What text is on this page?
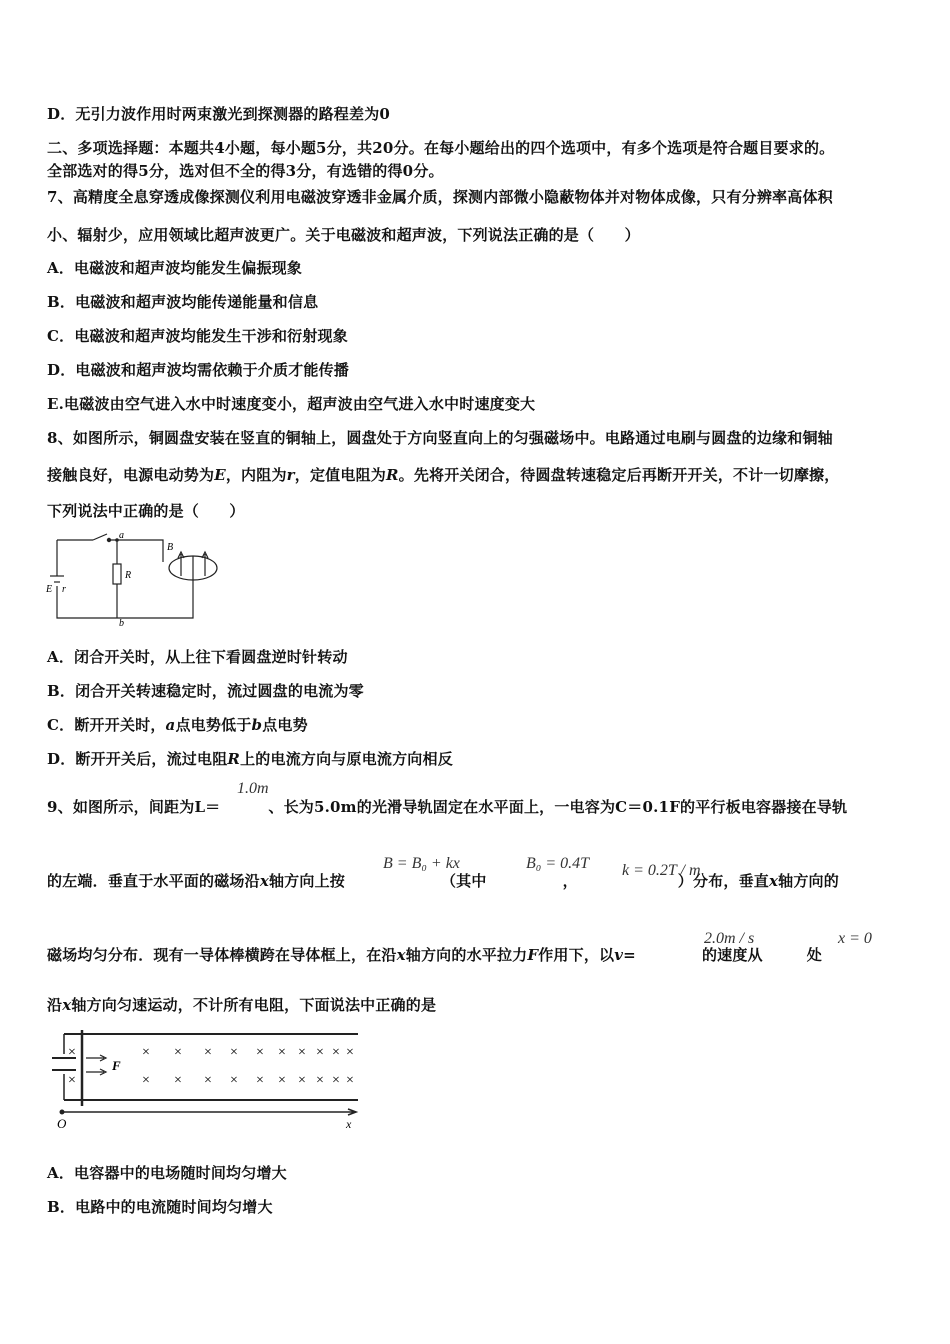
D．无引力波作用时两束激光到探测器的路程差为0
二、多项选择题：本题共4小题，每小题5分，共20分。在每小题给出的四个选项中，有多个选项是符合题目要求的。
全部选对的得5分，选对但不全的得3分，有选错的得0分。
7、高精度全息穿透成像探测仪利用电磁波穿透非金属介质，探测内部微小隐蔽物体并对物体成像，只有分辨率高体积
小、辐射少，应用领域比超声波更广。关于电磁波和超声波，下列说法正确的是（　　）
A．电磁波和超声波均能发生偏振现象
B．电磁波和超声波均能传递能量和信息
C．电磁波和超声波均能发生干涉和衍射现象
D．电磁波和超声波均需依赖于介质才能传播
E.电磁波由空气进入水中时速度变小，超声波由空气进入水中时速度变大
8、如图所示，铜圆盘安装在竖直的铜轴上，圆盘处于方向竖直向上的匀强磁场中。电路通过电刷与圆盘的边缘和铜轴
接触良好，电源电动势为E，内阻为r，定值电阻为R。先将开关闭合，待圆盘转速稳定后再断开开关，不计一切摩擦，
下列说法中正确的是（　　）
a
b
R
E r
B
A．闭合开关时，从上往下看圆盘逆时针转动
B．闭合开关转速稳定时，流过圆盘的电流为零
C．断开开关时，a点电势低于b点电势
D．断开开关后，流过电阻R上的电流方向与原电流方向相反
9、如图所示，间距为L＝	、长为5.0m的光滑导轨固定在水平面上，一电容为C＝0.1F的平行板电容器接在导轨
1.0m
的左端．垂直于水平面的磁场沿x轴方向上按	（其中	，	）分布，垂直x轴方向的
B = B₀ + kx	B₀ = 0.4T k = 0.2T / m
磁场均匀分布．现有一导体棒横跨在导体框上，在沿x轴方向的水平拉力F作用下，以v=	的速度从	处
2.0m / s	x = 0
沿x轴方向匀速运动，不计所有电阻，下面说法中正确的是
F
O	x
×	× × × × × × × × × ×
×	× × × × × × × × × ×
A．电容器中的电场随时间均匀增大
B．电路中的电流随时间均匀增大
